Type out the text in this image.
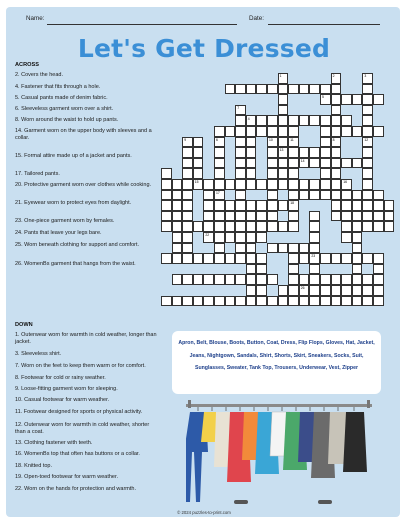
Name:	Date:
Let's Get Dressed
ACROSS
2. Covers the head.
4. Fastener that fits through a hole.
5. Casual pants made of denim fabric.
6. Sleeveless garment worn over a shirt.
8. Worn around the waist to hold up pants.
14. Garment worn on the upper body with sleeves and a collar.
15. Formal attire made up of a jacket and pants.
17. Tailored pants.
20. Protective garment worn over clothes while cooking.
21. Eyewear worn to protect eyes from daylight.
23. One-piece garment worn by females.
24. Pants that leave your legs bare.
25. Worn beneath clothing for support and comfort.
26. WomenΒs garment that hangs from the waist.
DOWN
1. Outerwear worn for warmth in cold weather, longer than jacket.
3. Sleeveless shirt.
7. Worn on the feet to keep them warm or for comfort.
8. Footwear for cold or rainy weather.
9. Loose-fitting garment worn for sleeping.
10. Casual footwear for warm weather.
11. Footwear designed for sports or physical activity.
12. Outerwear worn for warmth in cold weather, shorter than a coat.
13. Clothing fastener with teeth.
16. WomenΒs top that often has buttons or a collar.
18. Knitted top.
19. Open-toed footwear for warm weather.
22. Worn on the hands for protection and warmth.
18
22
26
5
4
13
14
15
23
1	2
8
3
7
9	6
17
11
10	12
16
Apron, Belt, Blouse, Boots, Button, Coat, Dress, Flip Flops, Gloves, Hat, Jacket, Jeans, Nightgown, Sandals, Shirt, Shorts, Skirt, Sneakers, Socks, Suit, Sunglasses, Sweater, Tank Top, Trousers, Underwear, Vest, Zipper
© 2024 puzzles-to-print.com
